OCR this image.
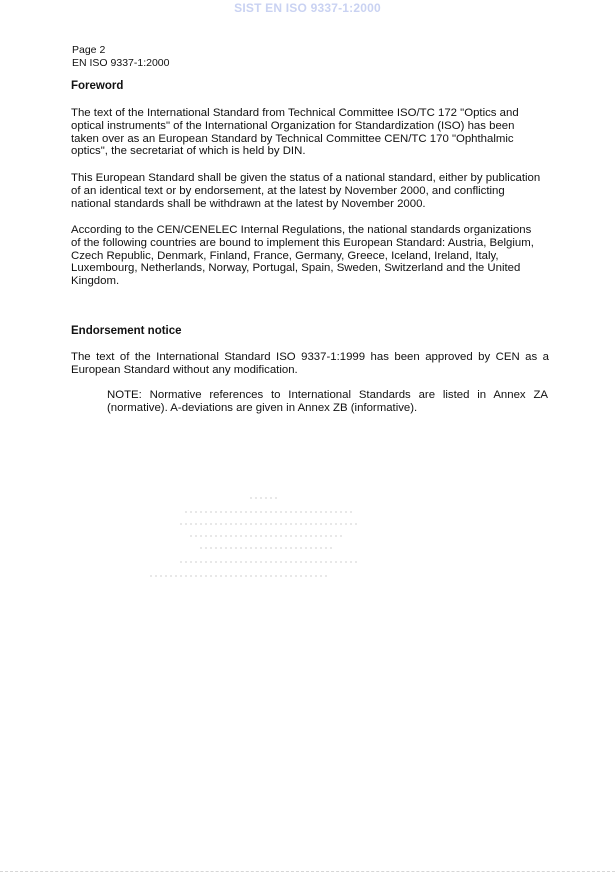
SIST EN ISO 9337-1:2000
Page 2
EN ISO 9337-1:2000
Foreword

The text of the International Standard from Technical Committee ISO/TC 172 "Optics and
optical instruments" of the International Organization for Standardization (ISO) has been
taken over as an European Standard by Technical Committee CEN/TC 170 "Ophthalmic
optics", the secretariat of which is held by DIN.

This European Standard shall be given the status of a national standard, either by publication
of an identical text or by endorsement, at the latest by November 2000, and conflicting
national standards shall be withdrawn at the latest by November 2000.

According to the CEN/CENELEC Internal Regulations, the national standards organizations
of the following countries are bound to implement this European Standard: Austria, Belgium,
Czech Republic, Denmark, Finland, France, Germany, Greece, Iceland, Ireland, Italy,
Luxembourg, Netherlands, Norway, Portugal, Spain, Sweden, Switzerland and the United
Kingdom.

Endorsement notice

The text of the International Standard ISO 9337-1:1999 has been approved by CEN as a European Standard without any modification.

NOTE: Normative references to International Standards are listed in Annex ZA (normative). A-deviations are given in Annex ZB (informative).
